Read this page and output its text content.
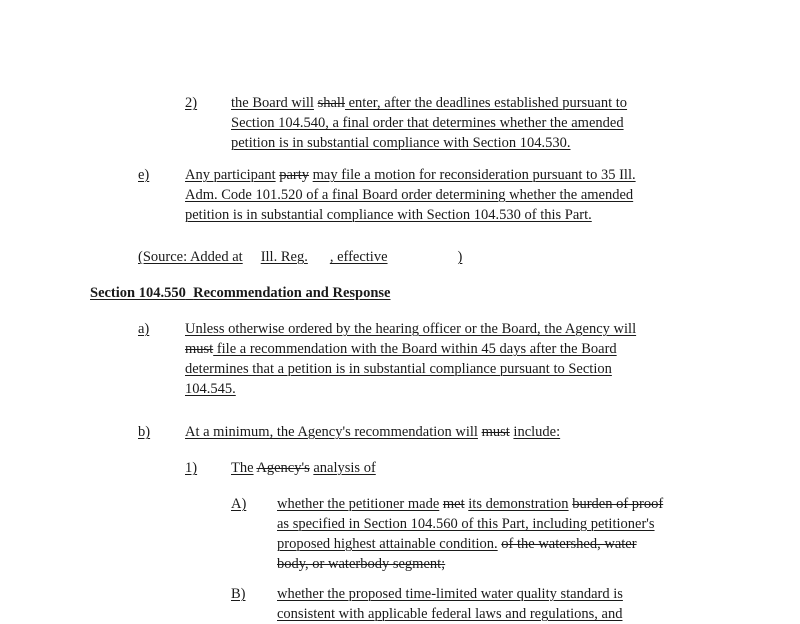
2) the Board will shall enter, after the deadlines established pursuant to
Section 104.540, a final order that determines whether the amended
petition is in substantial compliance with Section 104.530.
e) Any participant party may file a motion for reconsideration pursuant to 35 Ill.
Adm. Code 101.520 of a final Board order determining whether the amended
petition is in substantial compliance with Section 104.530 of this Part.
(Source: Added at Ill. Reg. , effective	)
Section 104.550 Recommendation and Response
a) Unless otherwise ordered by the hearing officer or the Board, the Agency will
must file a recommendation with the Board within 45 days after the Board
determines that a petition is in substantial compliance pursuant to Section
104.545.
b) At a minimum, the Agency's recommendation will must include:
1) The Agency's analysis of
A) whether the petitioner made met its demonstration burden of proof
as specified in Section 104.560 of this Part, including petitioner's
proposed highest attainable condition. of the watershed, water
body, or waterbody segment;
B) whether the proposed time-limited water quality standard is
consistent with applicable federal laws and regulations, and
